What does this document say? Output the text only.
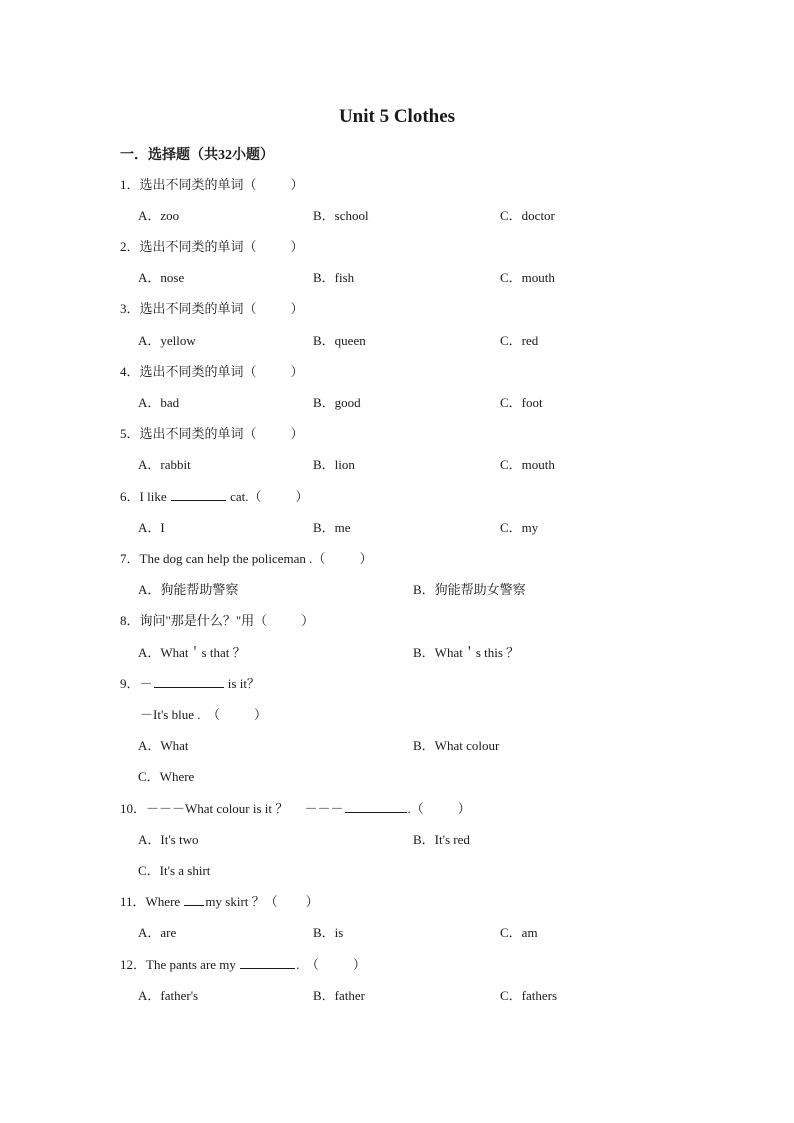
Unit 5 Clothes
一．选择题（共32小题）
1．选出不同类的单词（	）
A．zoo	B．school	C．doctor
2．选出不同类的单词（	）
A．nose	B．fish	C．mouth
3．选出不同类的单词（	）
A．yellow	B．queen	C．red
4．选出不同类的单词（	）
A．bad	B．good	C．foot
5．选出不同类的单词（	）
A．rabbit	B．lion	C．mouth
6．I like	cat.（	）
A．I	B．me	C．my
7．The dog can help the policeman .（	）
A．狗能帮助警察	B．狗能帮助女警察
8．询问"那是什么？"用（	）
A．What＇s that ？	B．What＇s this ？
9．－	is it？
－It's blue .　（	）
A．What	B．What colour
C．Where
10．－－－What colour is it ？　 －－－	.（	）
A．It's two	B．It's red
C．It's a shirt
11．Where my skirt ？（ ）
A．are	B．is	C．am
12．The pants are my	.　（	）
A．father's	B．father	C．fathers
